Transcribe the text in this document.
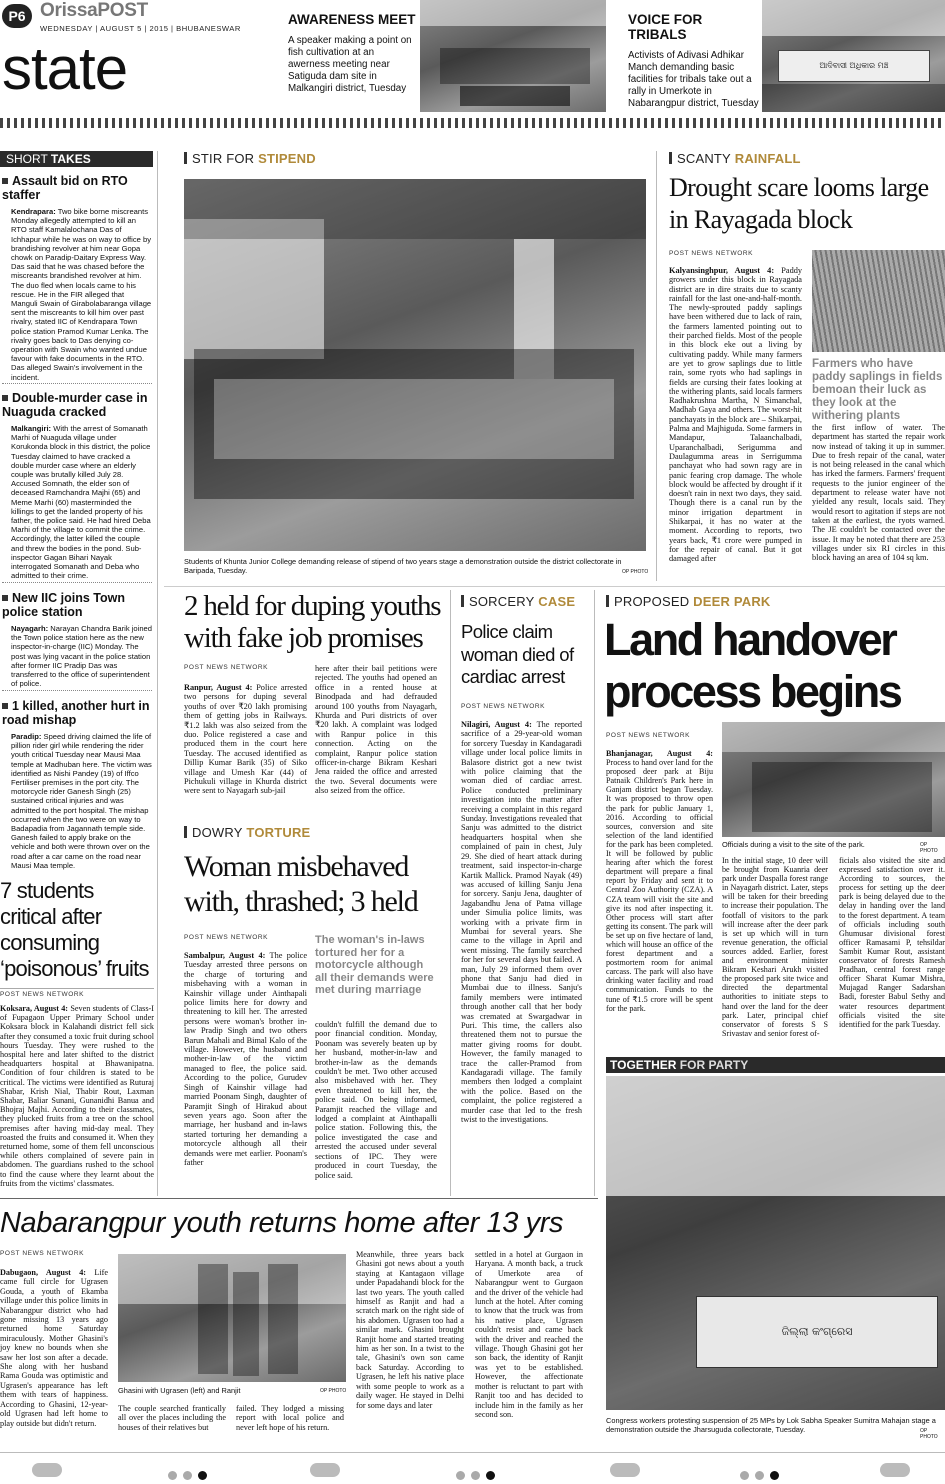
P6 OrissaPOST
WEDNESDAY | AUGUST 5 | 2015 | BHUBANESWAR
state
AWARENESS MEET
A speaker making a point on fish cultivation at an awerness meeting near Satiguda dam site in Malkangiri district, Tuesday
VOICE FOR TRIBALS
Activists of Adivasi Adhikar Manch demanding basic facilities for tribals take out a rally in Umerkote in Nabarangpur district, Tuesday
ଆଦିବାସୀ ଅଧିକାର ମଞ୍ଚ
SHORT TAKES
Assault bid on RTO staffer
Kendrapara: Two bike borne miscreants Monday allegedly attempted to kill an RTO staff Kamalalochana Das of Ichhapur while he was on way to office by brandishing revolver at him near Gopa chowk on Paradip-Daitary Express Way. Das said that he was chased before the miscreants brandished revolver at him. The duo fled when locals came to his rescue. He in the FIR alleged that Manguli Swain of Girabolabaranga village sent the miscreants to kill him over past rivalry, stated IIC of Kendrapara Town police station Pramod Kumar Lenka. The rivalry goes back to Das denying co-operation with Swain who wanted undue favour with fake documents in the RTO. Das alleged Swain's involvement in the incident.
Double-murder case in Nuaguda cracked
Malkangiri: With the arrest of Somanath Marhi of Nuaguda village under Korukonda block in this district, the police Tuesday claimed to have cracked a double murder case where an elderly couple was brutally killed July 28. Accused Somnath, the elder son of deceased Ramchandra Majhi (65) and Meme Marhi (60) masterminded the killings to get the landed property of his father, the police said. He had hired Deba Marhi of the village to commit the crime. Accordingly, the latter killed the couple and threw the bodies in the pond. Sub-inspector Gagan Bihari Nayak interrogated Somanath and Deba who admitted to their crime.
New IIC joins Town police station
Nayagarh: Narayan Chandra Barik joined the Town police station here as the new inspector-in-charge (IIC) Monday. The post was lying vacant in the police station after former IIC Pradip Das was transferred to the office of superintendent of police.
1 killed, another hurt in road mishap
Paradip: Speed driving claimed the life of pillion rider girl while rendering the rider youth critical Tuesday near Mausi Maa temple at Madhuban here. The victim was identified as Nishi Pandey (19) of Iffco Fertiliser premises in the port city. The motorcycle rider Ganesh Singh (25) sustained critical injuries and was admitted to the port hospital. The mishap occurred when the two were on way to Badapadia from Jagannath temple side. Ganesh failed to apply brake on the vehicle and both were thrown over on the road after a car came on the road near Mausi Maa temple.
7 students critical after consuming ‘poisonous’ fruits
POST NEWS NETWORK
Koksara, August 4: Seven students of Class-I of Fupagaon Upper Primary School under Koksara block in Kalahandi district fell sick after they consumed a toxic fruit during school hours Tuesday. They were rushed to the hospital here and later shifted to the district headquarters hospital at Bhawanipatna. Condition of four children is stated to be critical. The victims were identified as Ruturaj Shabar, Krish Nial, Thabir Rout, Laxman Shabar, Baliar Sunani, Gunanidhi Banua and Bhojraj Majhi. According to their classmates, they plucked fruits from a tree on the school premises after having mid-day meal. They roasted the fruits and consumed it. When they returned home, some of them fell unconscious while others complained of severe pain in abdomen. The guardians rushed to the school to find the cause where they learnt about the fruits from the victims' classmates.
STIR FOR STIPEND
Students of Khunta Junior College demanding release of stipend of two years stage a demonstration outside the district collectorate in Baripada, Tuesday.	OP PHOTO
SCANTY RAINFALL
Drought scare looms large in Rayagada block
POST NEWS NETWORK
Kalyansinghpur, August 4: Paddy growers under this block in Rayagada district are in dire straits due to scanty rainfall for the last one-and-half-month. The newly-sprouted paddy saplings have been withered due to lack of rain, the farmers lamented pointing out to their parched fields. Most of the people in this block eke out a living by cultivating paddy. While many farmers are yet to grow saplings due to little rain, some ryots who had saplings in fields are cursing their fates looking at the withering plants, said locals farmers Radhakrushna Martha, N Simanchal, Madhab Gaya and others. The worst-hit panchayats in the block are – Shikarpai, Palma and Majhiguda. Some farmers in Mandapur, Talaanchalbadi, Uparanchalbadi, Serigumma and Daulagumma areas in Serrigumma panchayat who had sown ragy are in panic fearing crop damage. The whole block would be affected by drought if it doesn't rain in next two days, they said. Though there is a canal run by the minor irrigation department in Shikarpai, it has no water at the moment. According to reports, two years back, ₹1 crore were pumped in for the repair of canal. But it got damaged after
Farmers who have paddy saplings in fields bemoan their luck as they look at the withering plants
the first inflow of water. The department has started the repair work now instead of taking it up in summer. Due to fresh repair of the canal, water is not being released in the canal which has irked the farmers. Farmers' frequent requests to the junior engineer of the department to release water have not yielded any result, locals said. They would resort to agitation if steps are not taken at the earliest, the ryots warned. The JE couldn't be contacted over the issue. It may be noted that there are 253 villages under six RI circles in this block having an area of 104 sq km.
2 held for duping youths with fake job promises
POST NEWS NETWORK
Ranpur, August 4: Police arrested two persons for duping several youths of over ₹20 lakh promising them of getting jobs in Railways. ₹1.2 lakh was also seized from the duo. Police registered a case and produced them in the court here Tuesday. The accused identified as Dillip Kumar Barik (35) of Siko village and Umesh Kar (44) of Pichukuli village in Khurda district were sent to Nayagarh sub-jail
here after their bail petitions were rejected. The youths had opened an office in a rented house at Binodpada and had defrauded around 100 youths from Nayagarh, Khurda and Puri districts of over ₹20 lakh. A complaint was lodged with Ranpur police in this connection. Acting on the complaint, Ranpur police station officer-in-charge Bikram Keshari Jena raided the office and arrested the two. Several documents were also seized from the office.
DOWRY TORTURE
Woman misbehaved with, thrashed; 3 held
POST NEWS NETWORK
Sambalpur, August 4: The police Tuesday arrested three persons on the charge of torturing and misbehaving with a woman in Kainshir village under Ainthapali police limits here for dowry and threatening to kill her. The arrested persons were woman's brother in-law Pradip Singh and two others Barun Mahali and Bimal Kalo of the village. However, the husband and mother-in-law of the victim managed to flee, the police said. According to the police, Gurudev Singh of Kainshir village had married Poonam Singh, daughter of Paramjit Singh of Hirakud about seven years ago. Soon after the marriage, her husband and in-laws started torturing her demanding a motorcycle although all their demands were met earlier. Poonam's father
The woman's in-laws tortured her for a motorcycle although all their demands were met during marriage
couldn't fulfill the demand due to poor financial condition. Monday, Poonam was severely beaten up by her husband, mother-in-law and brother-in-law as the demands couldn't be met. Two other accused also misbehaved with her. They even threatened to kill her, the police said. On being informed, Paramjit reached the village and lodged a complaint at Ainthapalli police station. Following this, the police investigated the case and arrested the accused under several sections of IPC. They were produced in court Tuesday, the police said.
SORCERY CASE
Police claim woman died of cardiac arrest
POST NEWS NETWORK
Nilagiri, August 4: The reported sacrifice of a 29-year-old woman for sorcery Tuesday in Kandagaradi village under local police limits in Balasore district got a new twist with police claiming that the woman died of cardiac arrest. Police conducted preliminary investigation into the matter after receiving a complaint in this regard Sunday. Investigations revealed that Sanju was admitted to the district headquarters hospital when she complained of pain in chest, July 29. She died of heart attack during treatment, said inspector-in-charge Kartik Mallick. Pramod Nayak (49) was accused of killing Sanju Jena for sorcery. Sanju Jena, daughter of Jagabandhu Jena of Patna village under Simulia police limits, was working with a private firm in Mumbai for several years. She came to the village in April and went missing. The family searched for her for several days but failed. A man, July 29 informed them over phone that Sanju had died in Mumbai due to illness. Sanju's family members were intimated through another call that her body was cremated at Swargadwar in Puri. This time, the callers also threatened them not to pursue the matter giving rooms for doubt. However, the family managed to trace the caller-Pramod from Kandagaradi village. The family members then lodged a complaint with the police. Based on the complaint, the police registered a murder case that led to the fresh twist to the investigations.
PROPOSED DEER PARK
Land handover process begins
POST NEWS NETWORK
Bhanjanagar, August 4: Process to hand over land for the proposed deer park at Biju Patnaik Children's Park here in Ganjam district began Tuesday. It was proposed to throw open the park for public January 1, 2016. According to official sources, conversion and site selection of the land identified for the park has been completed. It will be followed by public hearing after which the forest department will prepare a final report by Friday and sent it to Central Zoo Authority (CZA). A CZA team will visit the site and give its nod after inspecting it. Other process will start after getting its consent. The park will be set up on five hectare of land, which will house an office of the forest department and a postmortem room for animal carcass. The park will also have drinking water facility and road communication. Funds to the tune of ₹1.5 crore will be spent for the park.
Officials during a visit to the site of the park.	OP PHOTO
In the initial stage, 10 deer will be brought from Kuanria deer park under Daspalla forest range in Nayagarh district. Later, steps will be taken for their breeding to increase their population. The footfall of visitors to the park will increase after the deer park is set up which will in turn revenue generation, the official sources added. Earlier, forest and environment minister Bikram Keshari Arukh visited the proposed park site twice and directed the departmental authorities to initiate steps to hand over the land for the deer park. Later, principal chief conservator of forests S S Srivastav and senior forest of-
ficials also visited the site and expressed satisfaction over it. According to sources, the process for setting up the deer park is being delayed due to the delay in handing over the land to the forest department. A team of officials including south Ghumusar divisional forest officer Ramasami P, tehsildar Sambit Kumar Rout, assistant conservator of forests Ramesh Pradhan, central forest range officer Sharat Kumar Mishra, Mujagad Ranger Sadarshan Badi, forester Babul Sethy and water resources department officials visited the site identified for the park Tuesday.
TOGETHER FOR PARTY
ଜିଲ୍ଲା କଂଗ୍ରେସ
Congress workers protesting suspension of 25 MPs by Lok Sabha Speaker Sumitra Mahajan stage a demonstration outside the Jharsuguda collectorate, Tuesday.	OP PHOTO
Nabarangpur youth returns home after 13 yrs
POST NEWS NETWORK
Dabugaon, August 4: Life came full circle for Ugrasen Gouda, a youth of Ekamba village under this police limits in Nabarangpur district who had gone missing 13 years ago returned home Saturday miraculously. Mother Ghasini's joy knew no bounds when she saw her lost son after a decade. She along with her husband Rama Gouda was optimistic and Ugrasen's appearance has left them with tears of happiness. According to Ghasini, 12-year-old Ugrasen had left home to play outside but didn't return.
Ghasini with Ugrasen (left) and Ranjit	OP PHOTO
The couple searched frantically all over the places including the houses of their relatives but
failed. They lodged a missing report with local police and never left hope of his return.
Meanwhile, three years back Ghasini got news about a youth staying at Kantagaon village under Papadahandi block for the last two years. The youth called himself as Ranjit and had a scratch mark on the right side of his abdomen. Ugrasen too had a similar mark. Ghasini brought Ranjit home and started treating him as her son. In a twist to the tale, Ghasini's own son came back Saturday. According to Ugrasen, he left his native place with some people to work as a daily wager. He stayed in Delhi for some days and later
settled in a hotel at Gurgaon in Haryana. A month back, a truck of Umerkote area of Nabarangpur went to Gurgaon and the driver of the vehicle had lunch at the hotel. After coming to know that the truck was from his native place, Ugrasen couldn't resist and came back with the driver and reached the village. Though Ghasini got her son back, the identity of Ranjit was yet to be established. However, the affectionate mother is reluctant to part with Ranjit too and has decided to include him in the family as her second son.
